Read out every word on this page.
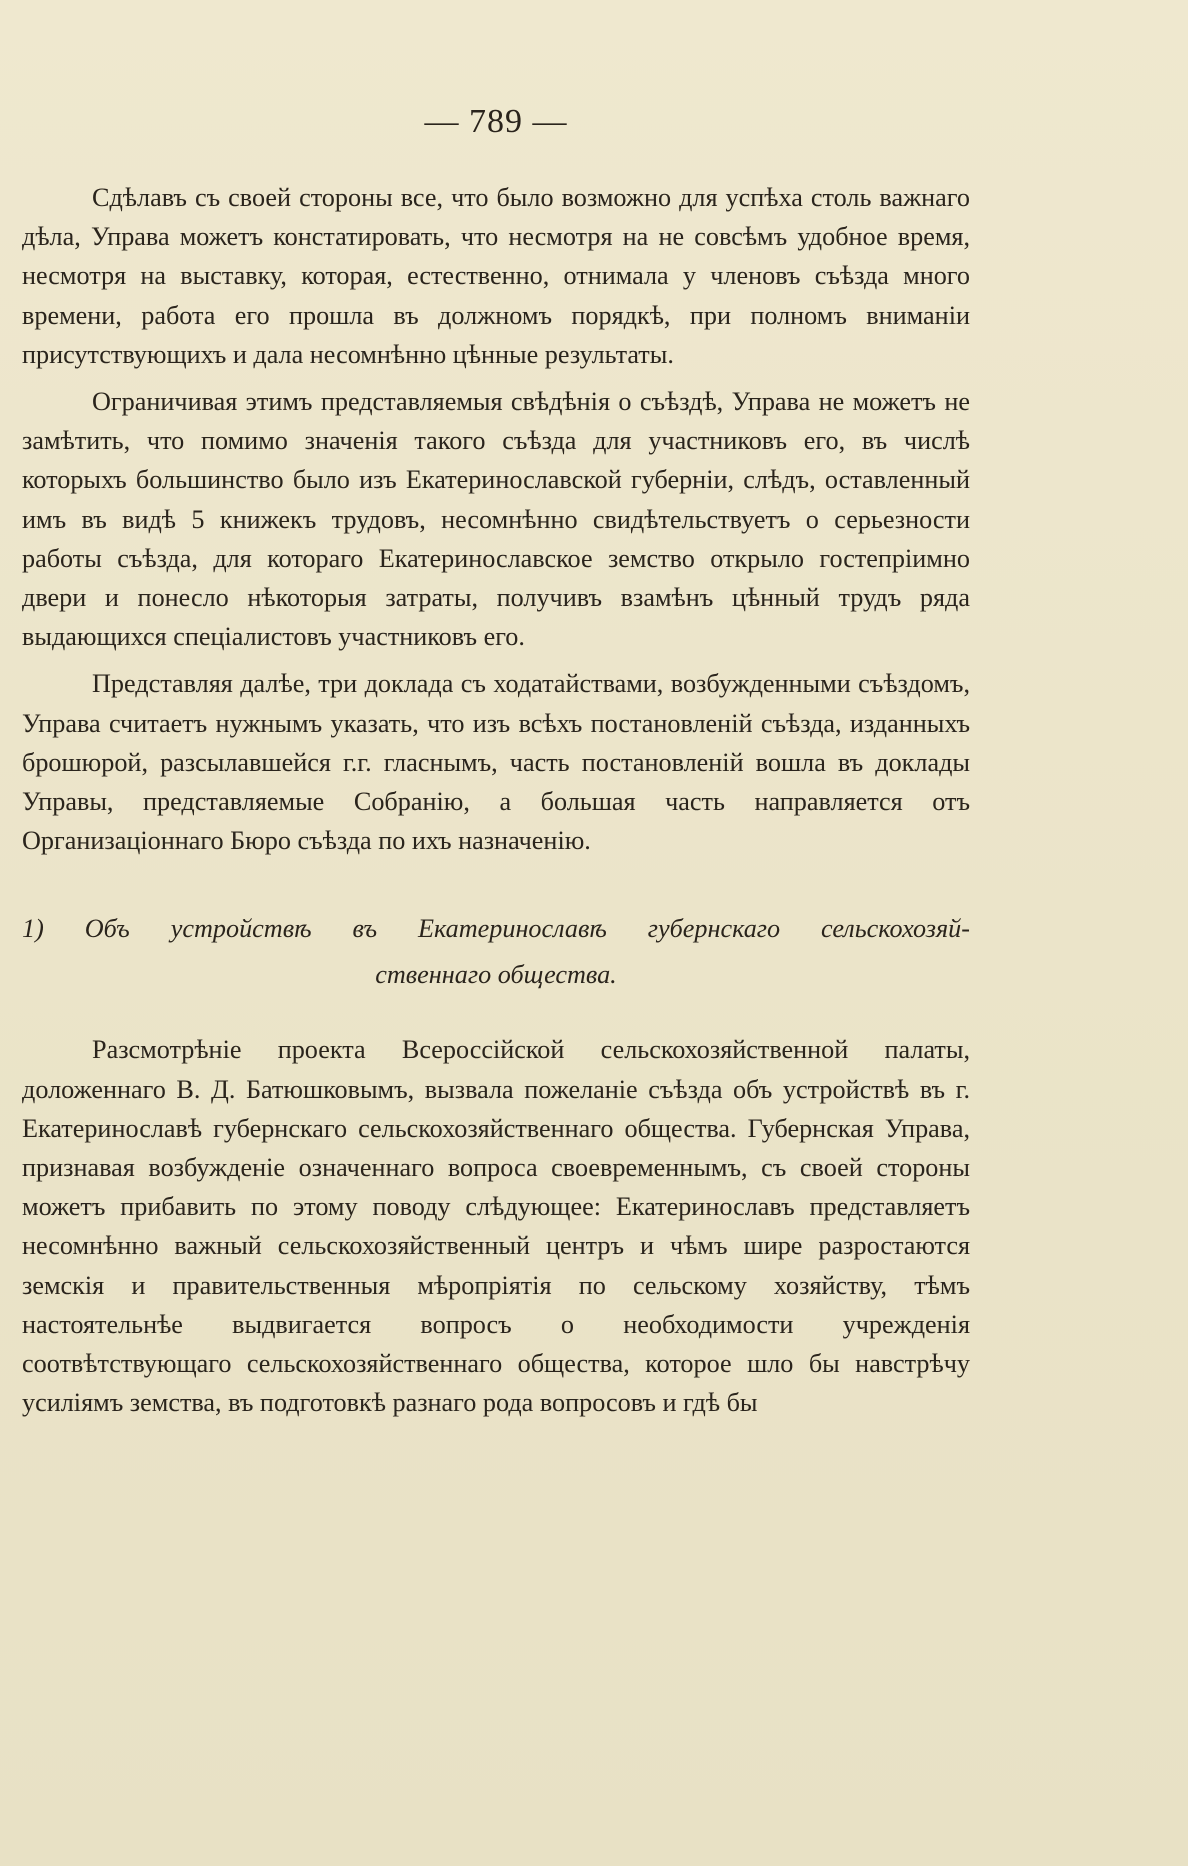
— 789 —

Сдѣлавъ съ своей стороны все, что было возможно для успѣха столь важнаго дѣла, Управа можетъ констатировать, что несмотря на не совсѣмъ удобное время, несмотря на выставку, которая, естественно, отнимала у членовъ съѣзда много времени, работа его прошла въ должномъ порядкѣ, при полномъ вниманіи присутствующихъ и дала несомнѣнно цѣнные результаты.

Ограничивая этимъ представляемыя свѣдѣнія о съѣздѣ, Управа не можетъ не замѣтить, что помимо значенія такого съѣзда для участниковъ его, въ числѣ которыхъ большинство было изъ Екатеринославской губерніи, слѣдъ, оставленный имъ въ видѣ 5 книжекъ трудовъ, несомнѣнно свидѣтельствуетъ о серьезности работы съѣзда, для котораго Екатеринославское земство открыло гостепріимно двери и понесло нѣкоторыя затраты, получивъ взамѣнъ цѣнный трудъ ряда выдающихся спеціалистовъ участниковъ его.

Представляя далѣе, три доклада съ ходатайствами, возбужденными съѣздомъ, Управа считаетъ нужнымъ указать, что изъ всѣхъ постановленій съѣзда, изданныхъ брошюрой, разсылавшейся г.г. гласнымъ, часть постановленій вошла въ доклады Управы, представляемые Собранію, а большая часть направляется отъ Организаціоннаго Бюро съѣзда по ихъ назначенію.

1) Объ устройствѣ въ Екатеринославѣ губернскаго сельскохозяй-
ственнаго общества.

Разсмотрѣніе проекта Всероссійской сельскохозяйственной палаты, доложеннаго В. Д. Батюшковымъ, вызвала пожеланіе съѣзда объ устройствѣ въ г. Екатеринославѣ губернскаго сельскохозяйственнаго общества. Губернская Управа, признавая возбужденіе означеннаго вопроса своевременнымъ, съ своей стороны можетъ прибавить по этому поводу слѣдующее: Екатеринославъ представляетъ несомнѣнно важный сельскохозяйственный центръ и чѣмъ шире разростаются земскія и правительственныя мѣропріятія по сельскому хозяйству, тѣмъ настоятельнѣе выдвигается вопросъ о необходимости учрежденія соотвѣтствующаго сельскохозяйственнаго общества, которое шло бы навстрѣчу усиліямъ земства, въ подготовкѣ разнаго рода вопросовъ и гдѣ бы
